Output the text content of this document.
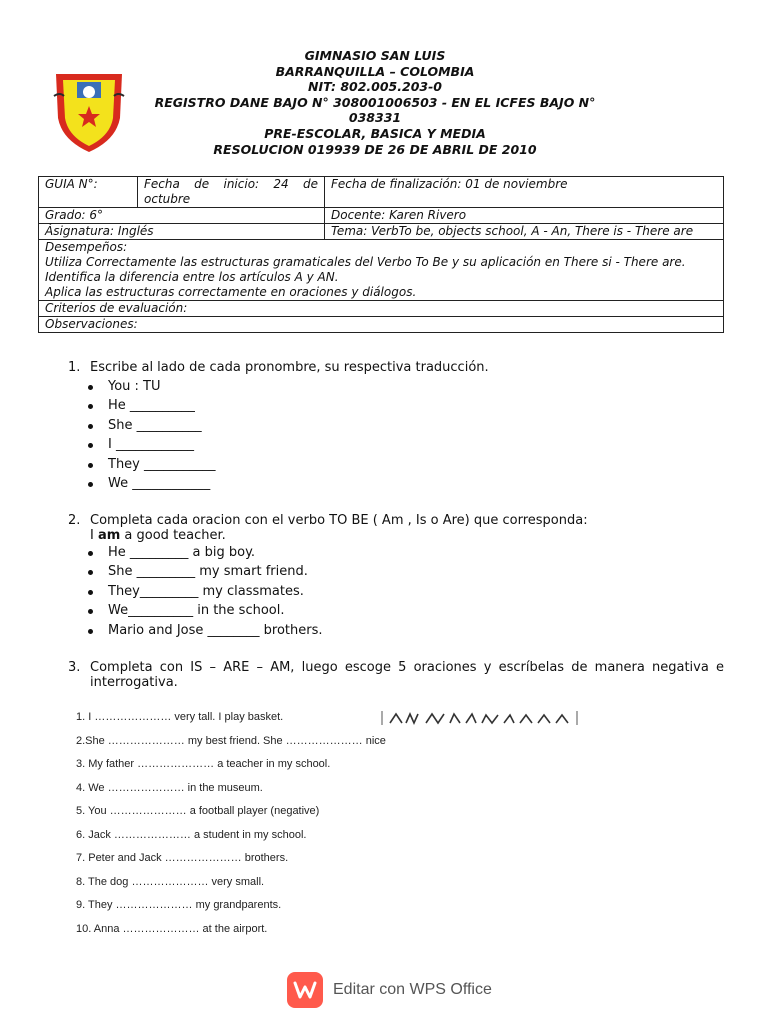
GIMNASIO SAN LUIS
BARRANQUILLA – COLOMBIA
NIT: 802.005.203-0
REGISTRO DANE BAJO N° 308001006503 - EN EL ICFES BAJO N°
038331
PRE-ESCOLAR, BASICA Y MEDIA
RESOLUCION 019939 DE 26 DE ABRIL DE 2010
GUIA N°:	Fecha de inicio: 24 de octubre	Fecha de finalización: 01 de noviembre
Grado: 6°		Docente: Karen Rivero
Ásignatura: Inglés		Tema: VerbTo be, objects school, A - An, There is - There are

Desempeños:
Utiliza Correctamente las estructuras gramaticales del Verbo To Be y su aplicación en There si - There are.
Identifica la diferencia entre los artículos A y AN.
Aplica las estructuras correctamente en oraciones y diálogos.		

Criterios de evaluación:		
Observaciones:		
1. Escribe al lado de cada pronombre, su respectiva traducción.
You : TU
He __________
She __________
I ____________
They ___________
We ____________
2. Completa cada oracion con el verbo TO BE ( Am , Is o Are) que corresponda:
I am a good teacher.
He _________ a big boy.
She _________ my smart friend.
They_________ my classmates.
We__________ in the school.
Mario and Jose ________ brothers.
3. Completa con IS – ARE – AM, luego escoge 5 oraciones y escríbelas de manera negativa e interrogativa.
1. I ………………… very tall. I play basket.
2.She ………………… my best friend. She ………………… nice
3. My father ………………… a teacher in my school.
4. We ………………… in the museum.
5. You ………………… a football player (negative)
6. Jack ………………… a student in my school.
7. Peter and Jack ………………… brothers.
8. The dog ………………… very small.
9. They ………………… my grandparents.
10. Anna ………………… at the airport.
Editar con WPS Office
